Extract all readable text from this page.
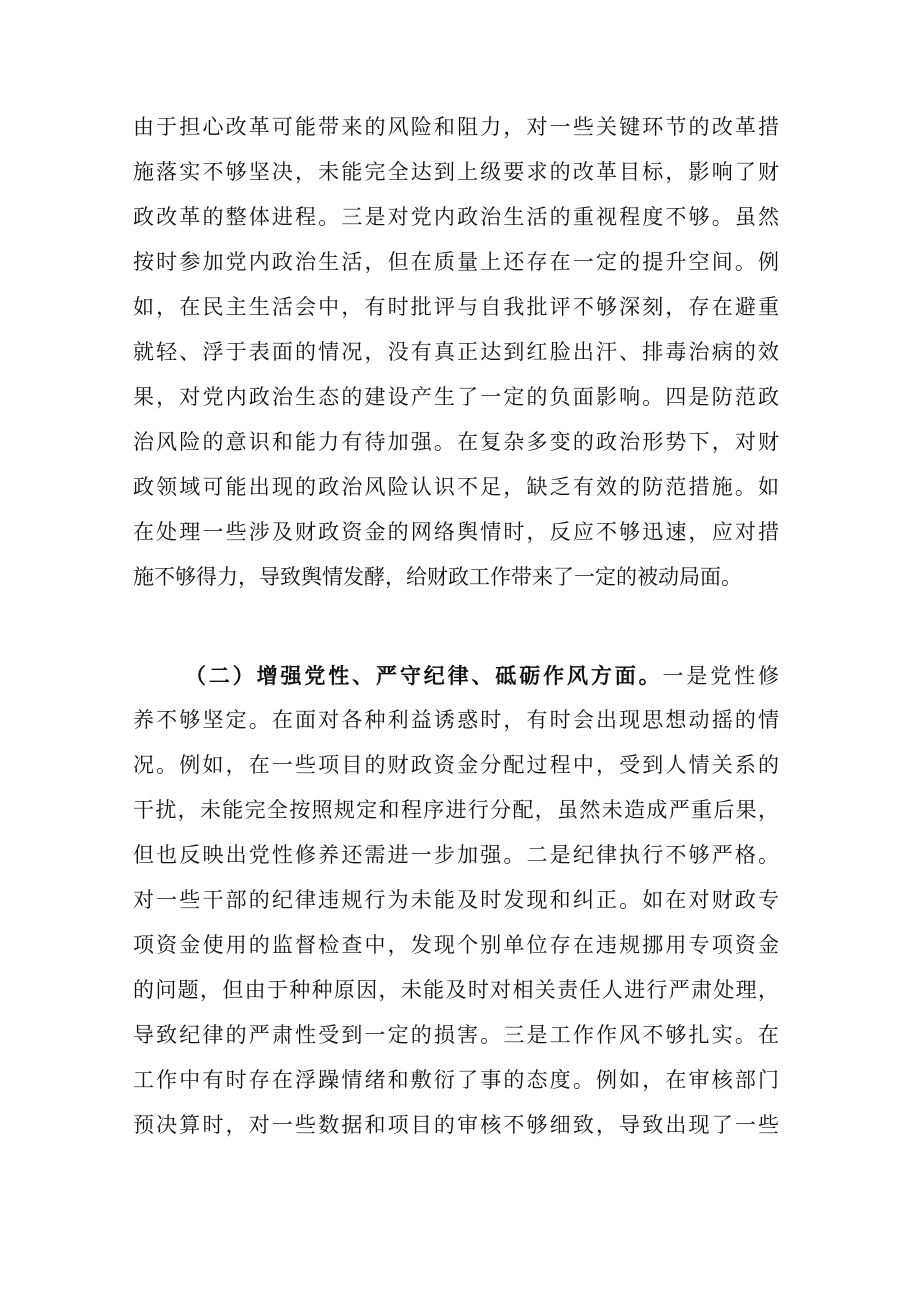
由于担心改革可能带来的风险和阻力，对一些关键环节的改革措
施落实不够坚决，未能完全达到上级要求的改革目标，影响了财
政改革的整体进程。三是对党内政治生活的重视程度不够。虽然
按时参加党内政治生活，但在质量上还存在一定的提升空间。例
如，在民主生活会中，有时批评与自我批评不够深刻，存在避重
就轻、浮于表面的情况，没有真正达到红脸出汗、排毒治病的效
果，对党内政治生态的建设产生了一定的负面影响。四是防范政
治风险的意识和能力有待加强。在复杂多变的政治形势下，对财
政领域可能出现的政治风险认识不足，缺乏有效的防范措施。如
在处理一些涉及财政资金的网络舆情时，反应不够迅速，应对措
施不够得力，导致舆情发酵，给财政工作带来了一定的被动局面。
（二）增强党性、严守纪律、砥砺作风方面。一是党性修
养不够坚定。在面对各种利益诱惑时，有时会出现思想动摇的情
况。例如，在一些项目的财政资金分配过程中，受到人情关系的
干扰，未能完全按照规定和程序进行分配，虽然未造成严重后果，
但也反映出党性修养还需进一步加强。二是纪律执行不够严格。
对一些干部的纪律违规行为未能及时发现和纠正。如在对财政专
项资金使用的监督检查中，发现个别单位存在违规挪用专项资金
的问题，但由于种种原因，未能及时对相关责任人进行严肃处理，
导致纪律的严肃性受到一定的损害。三是工作作风不够扎实。在
工作中有时存在浮躁情绪和敷衍了事的态度。例如，在审核部门
预决算时，对一些数据和项目的审核不够细致，导致出现了一些
